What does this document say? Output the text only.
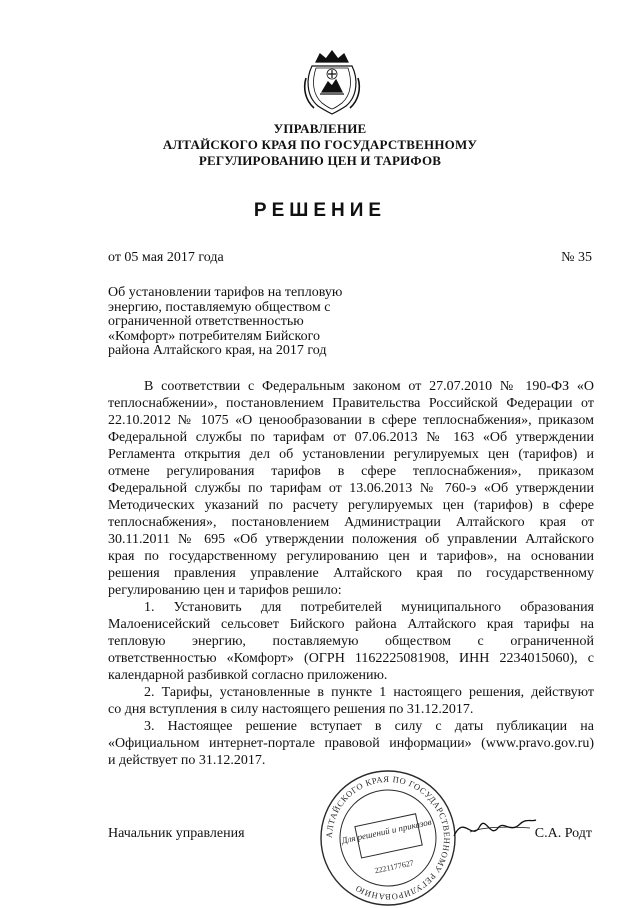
УПРАВЛЕНИЕ
АЛТАЙСКОГО КРАЯ ПО ГОСУДАРСТВЕННОМУ
РЕГУЛИРОВАНИЮ ЦЕН И ТАРИФОВ
РЕШЕНИЕ
от 05 мая 2017 года	№ 35
Об установлении тарифов на тепловую
энергию, поставляемую обществом с
ограниченной ответственностью
«Комфорт» потребителям Бийского
района Алтайского края, на 2017 год
В соответствии с Федеральным законом от 27.07.2010 № 190-ФЗ «О
теплоснабжении», постановлением Правительства Российской Федерации от
22.10.2012 № 1075 «О ценообразовании в сфере теплоснабжения», приказом
Федеральной службы по тарифам от 07.06.2013 № 163 «Об утверждении
Регламента открытия дел об установлении регулируемых цен (тарифов) и
отмене регулирования тарифов в сфере теплоснабжения», приказом
Федеральной службы по тарифам от 13.06.2013 № 760-э «Об утверждении
Методических указаний по расчету регулируемых цен (тарифов) в сфере
теплоснабжения», постановлением Администрации Алтайского края от
30.11.2011 № 695 «Об утверждении положения об управлении Алтайского
края по государственному регулированию цен и тарифов», на основании
решения правления управление Алтайского края по государственному
регулированию цен и тарифов решило:
1. Установить для потребителей муниципального образования
Малоенисейский сельсовет Бийского района Алтайского края тарифы на
тепловую энергию, поставляемую обществом с ограниченной
ответственностью «Комфорт» (ОГРН 1162225081908, ИНН 2234015060), с
календарной разбивкой согласно приложению.
2. Тарифы, установленные в пункте 1 настоящего решения, действуют
со дня вступления в силу настоящего решения по 31.12.2017.
3. Настоящее решение вступает в силу с даты публикации на
«Официальном интернет-портале правовой информации» (www.pravo.gov.ru)
и действует по 31.12.2017.
Начальник управления	С.А. Родт
АЛТАЙСКОГО КРАЯ ПО ГОСУДАРСТВЕННОМУ РЕГУЛИРОВАНИЮ
Для решений и приказов
2221177627
